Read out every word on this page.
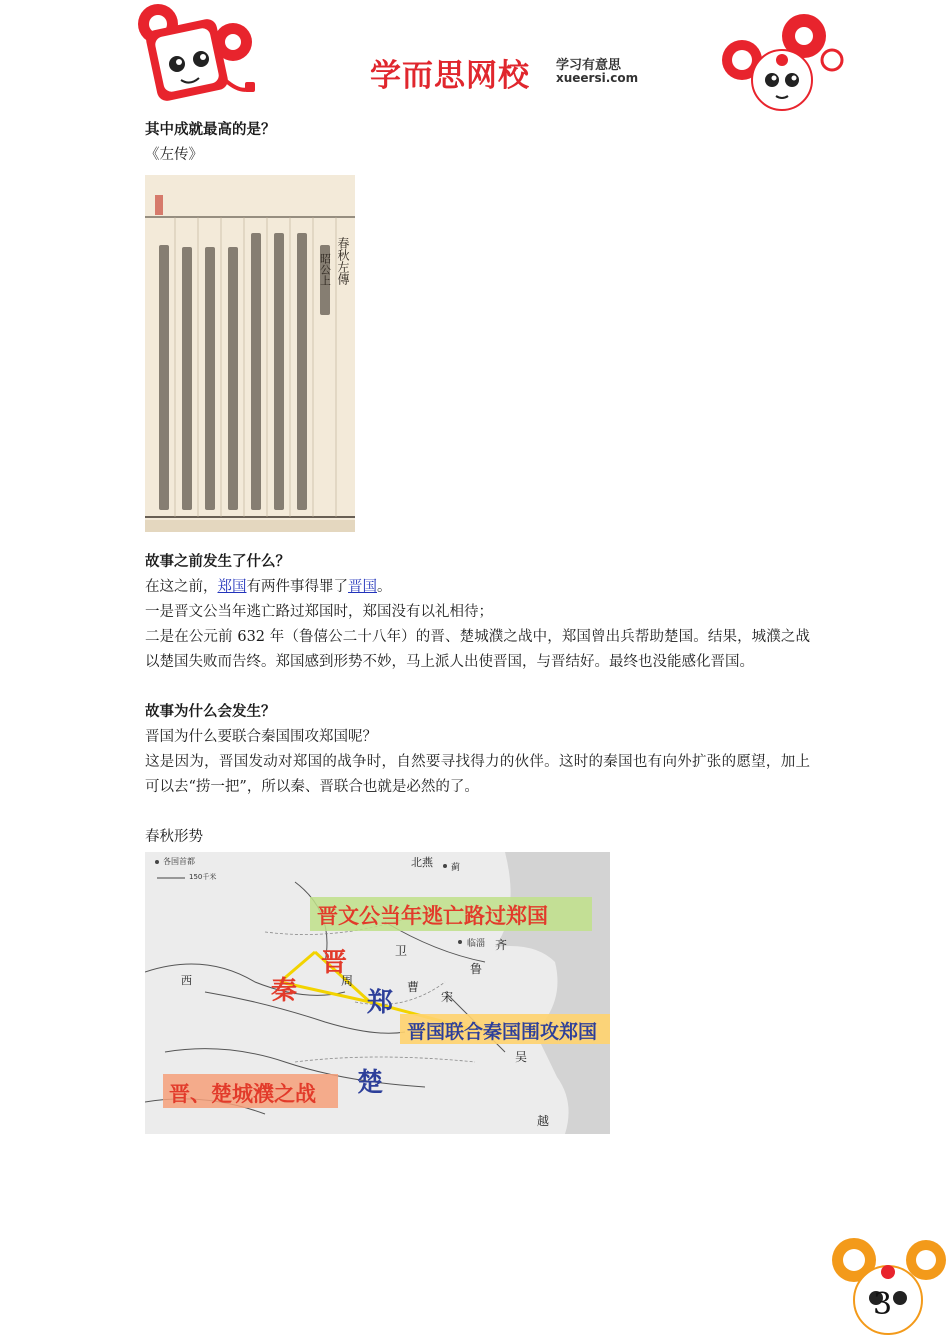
学而思网校 学习有意思
xueersi.com
其中成就最高的是？
《左传》
春秋左傳
昭公上
故事之前发生了什么？
在这之前，郑国有两件事得罪了晋国。
一是晋文公当年逃亡路过郑国时，郑国没有以礼相待；
二是在公元前 632 年（鲁僖公二十八年）的晋、楚城濮之战中，郑国曾出兵帮助楚国。结果，城濮之战以楚国失败而告终。郑国感到形势不妙，马上派人出使晋国，与晋结好。最终也没能感化晋国。
故事为什么会发生？
晋国为什么要联合秦国围攻郑国呢？
这是因为，晋国发动对郑国的战争时，自然要寻找得力的伙伴。这时的秦国也有向外扩张的愿望，加上可以去“捞一把”，所以秦、晋联合也就是必然的了。
春秋形势
各国首都
150千米
晋文公当年逃亡路过郑国
晋国联合秦国围攻郑国
晋、楚城濮之战
晋
秦	郑
楚
齐
鲁
宋
卫
曹
周
吴
越
北燕
西
临淄
蓟
3
